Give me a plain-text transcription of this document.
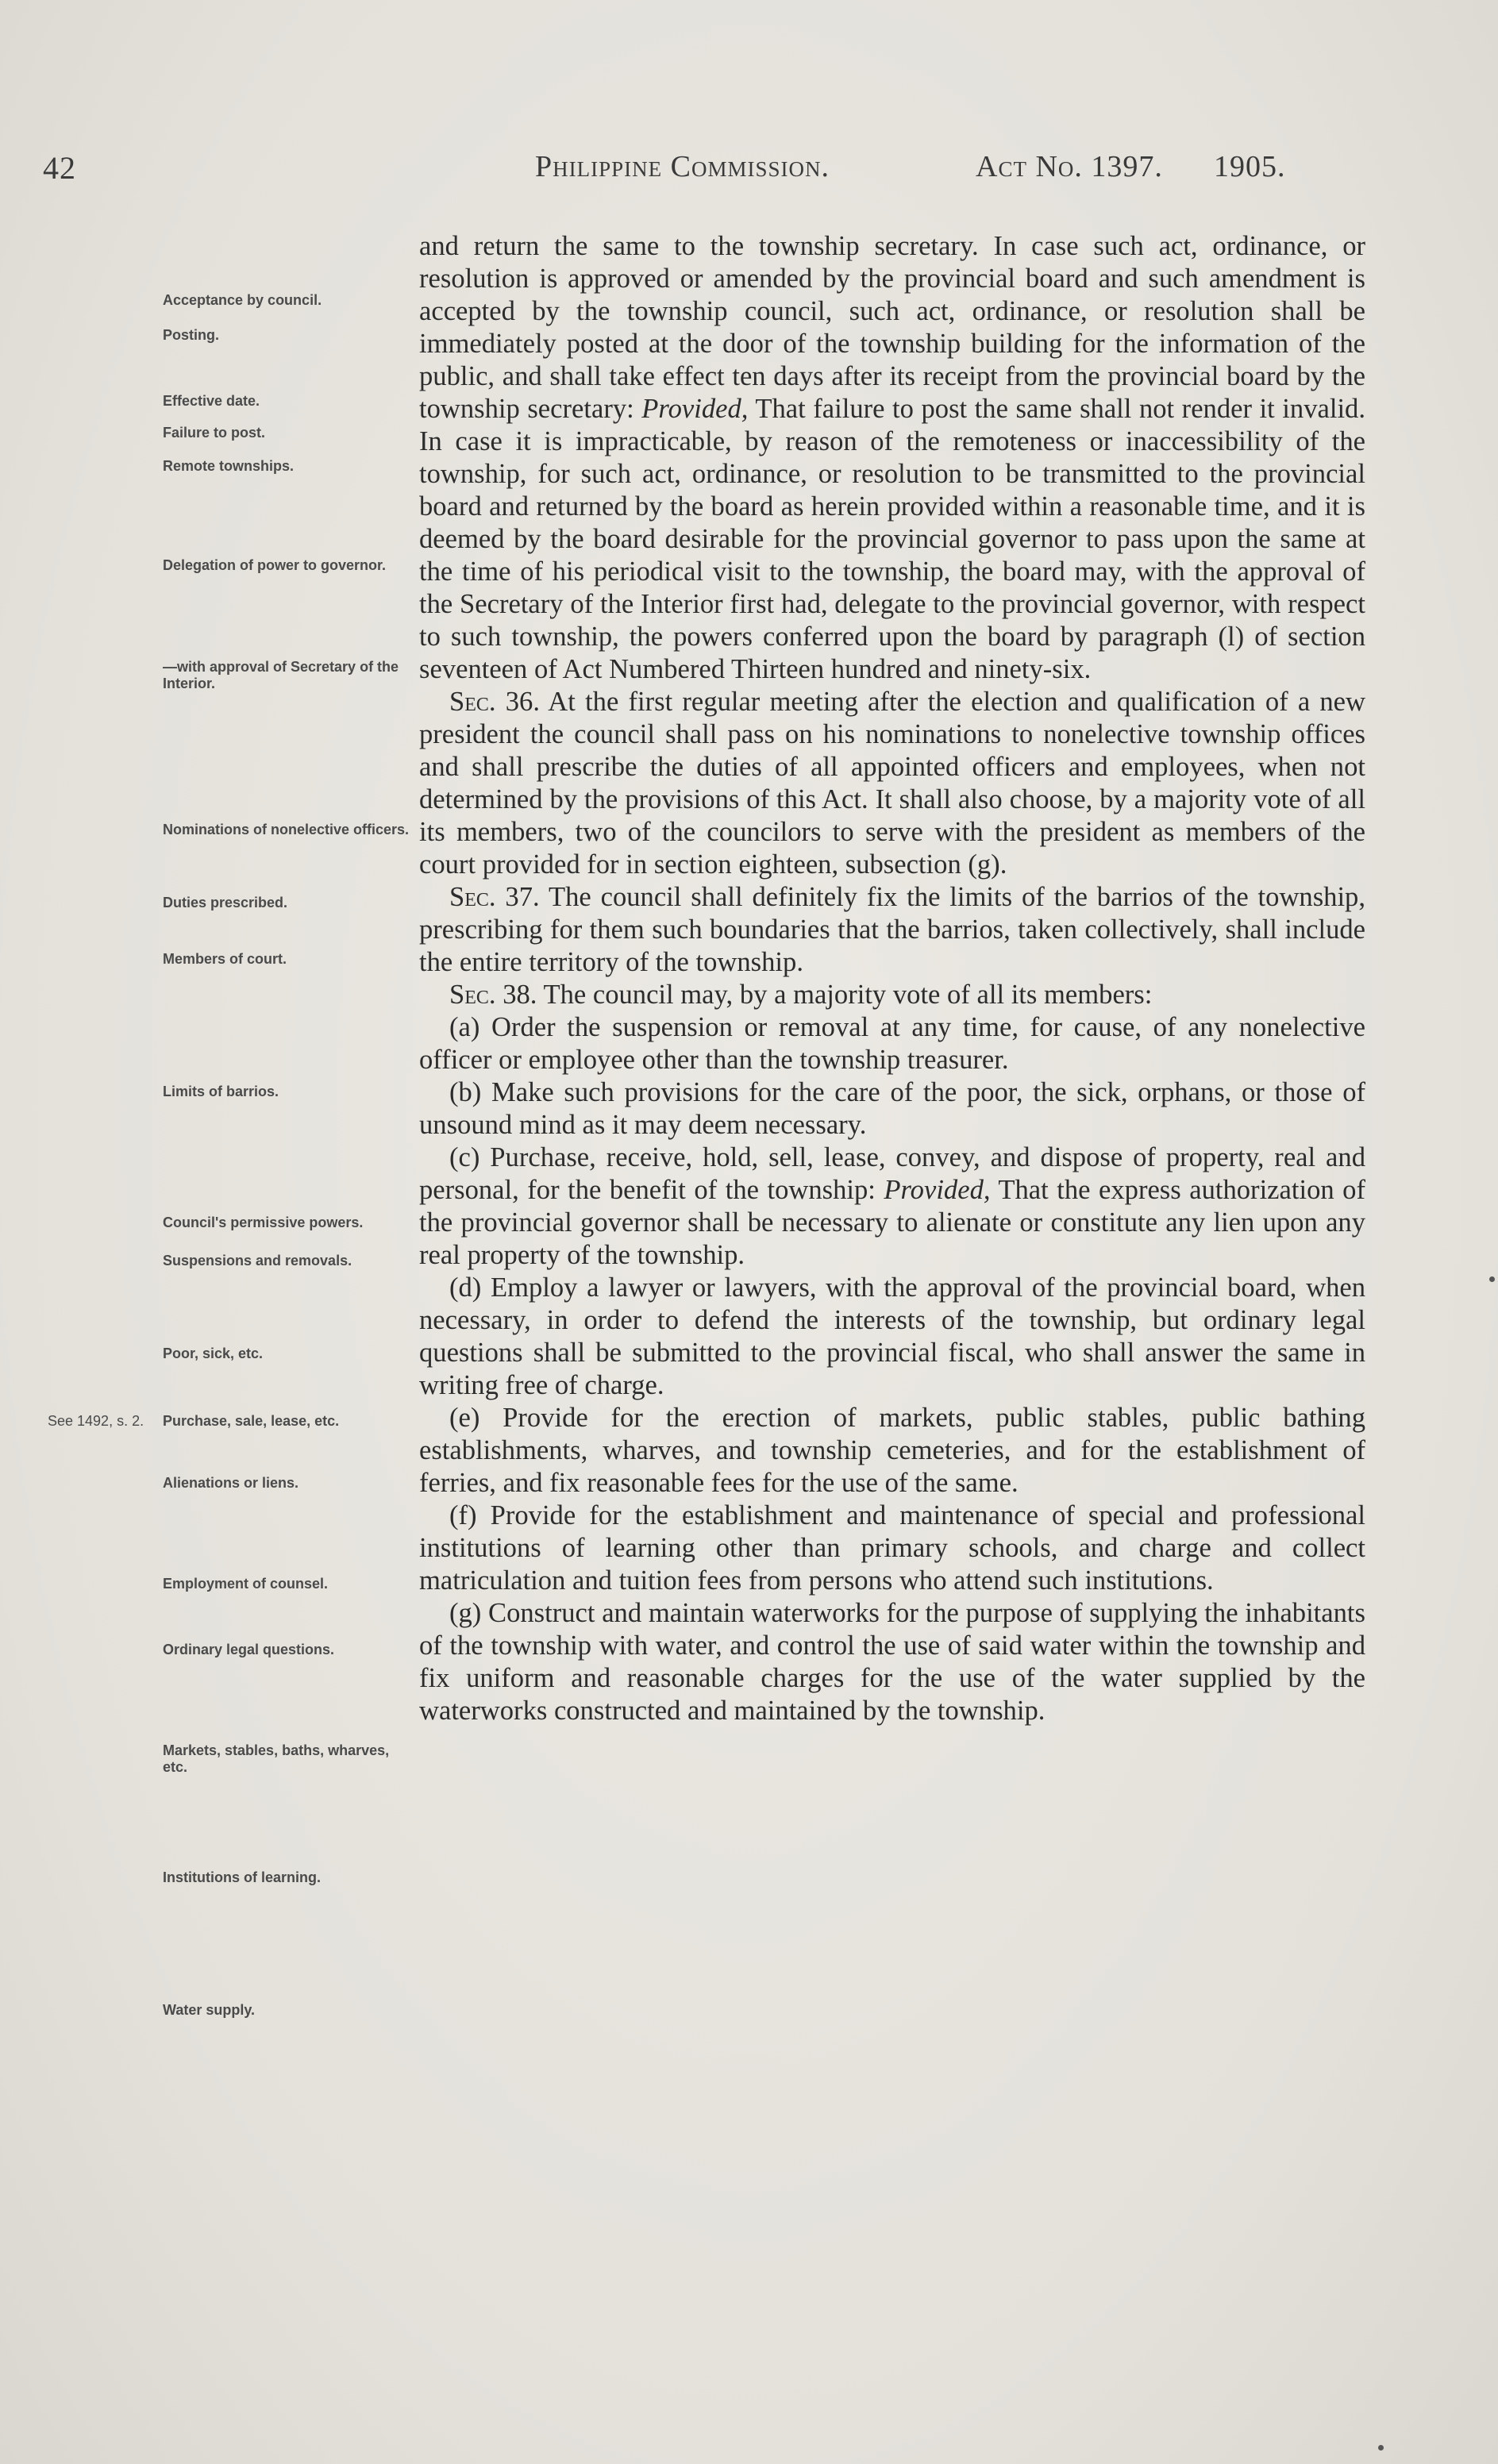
42	Philippine Commission.	Act No. 1397. 1905.
Acceptance by council.
Posting.
Effective date.
Failure to post.
Remote townships.
Delegation of power to governor.
—with approval of Secretary of the Interior.
Nominations of nonelective officers.
Duties prescribed.
Members of court.
Limits of barrios.
Council's permissive powers.
Suspensions and removals.
Poor, sick, etc.
Purchase, sale, lease, etc.
Alienations or liens.
Employment of counsel.
Ordinary legal questions.
Markets, stables, baths, wharves, etc.
Institutions of learning.
Water supply.
See 1492, s. 2.

and return the same to the township secretary. In case such act, ordinance, or resolution is approved or amended by the provincial board and such amendment is accepted by the township council, such act, ordinance, or resolution shall be immediately posted at the door of the township building for the information of the public, and shall take effect ten days after its receipt from the provincial board by the township secretary: Provided, That failure to post the same shall not render it invalid. In case it is impracticable, by reason of the remoteness or inaccessibility of the township, for such act, ordinance, or resolution to be transmitted to the provincial board and returned by the board as herein provided within a reasonable time, and it is deemed by the board desirable for the provincial governor to pass upon the same at the time of his periodical visit to the township, the board may, with the approval of the Secretary of the Interior first had, delegate to the provincial governor, with respect to such township, the powers conferred upon the board by paragraph (l) of section seventeen of Act Numbered Thirteen hundred and ninety-six.

Sec. 36. At the first regular meeting after the election and qualification of a new president the council shall pass on his nominations to nonelective township offices and shall prescribe the duties of all appointed officers and employees, when not determined by the provisions of this Act. It shall also choose, by a majority vote of all its members, two of the councilors to serve with the president as members of the court provided for in section eighteen, subsection (g).

Sec. 37. The council shall definitely fix the limits of the barrios of the township, prescribing for them such boundaries that the barrios, taken collectively, shall include the entire territory of the township.

Sec. 38. The council may, by a majority vote of all its members:

(a) Order the suspension or removal at any time, for cause, of any nonelective officer or employee other than the township treasurer.

(b) Make such provisions for the care of the poor, the sick, orphans, or those of unsound mind as it may deem necessary.

(c) Purchase, receive, hold, sell, lease, convey, and dispose of property, real and personal, for the benefit of the township: Provided, That the express authorization of the provincial governor shall be necessary to alienate or constitute any lien upon any real property of the township.

(d) Employ a lawyer or lawyers, with the approval of the provincial board, when necessary, in order to defend the interests of the township, but ordinary legal questions shall be submitted to the provincial fiscal, who shall answer the same in writing free of charge.

(e) Provide for the erection of markets, public stables, public bathing establishments, wharves, and township cemeteries, and for the establishment of ferries, and fix reasonable fees for the use of the same.

(f) Provide for the establishment and maintenance of special and professional institutions of learning other than primary schools, and charge and collect matriculation and tuition fees from persons who attend such institutions.

(g) Construct and maintain waterworks for the purpose of supplying the inhabitants of the township with water, and control the use of said water within the township and fix uniform and reasonable charges for the use of the water supplied by the waterworks constructed and maintained by the township.
